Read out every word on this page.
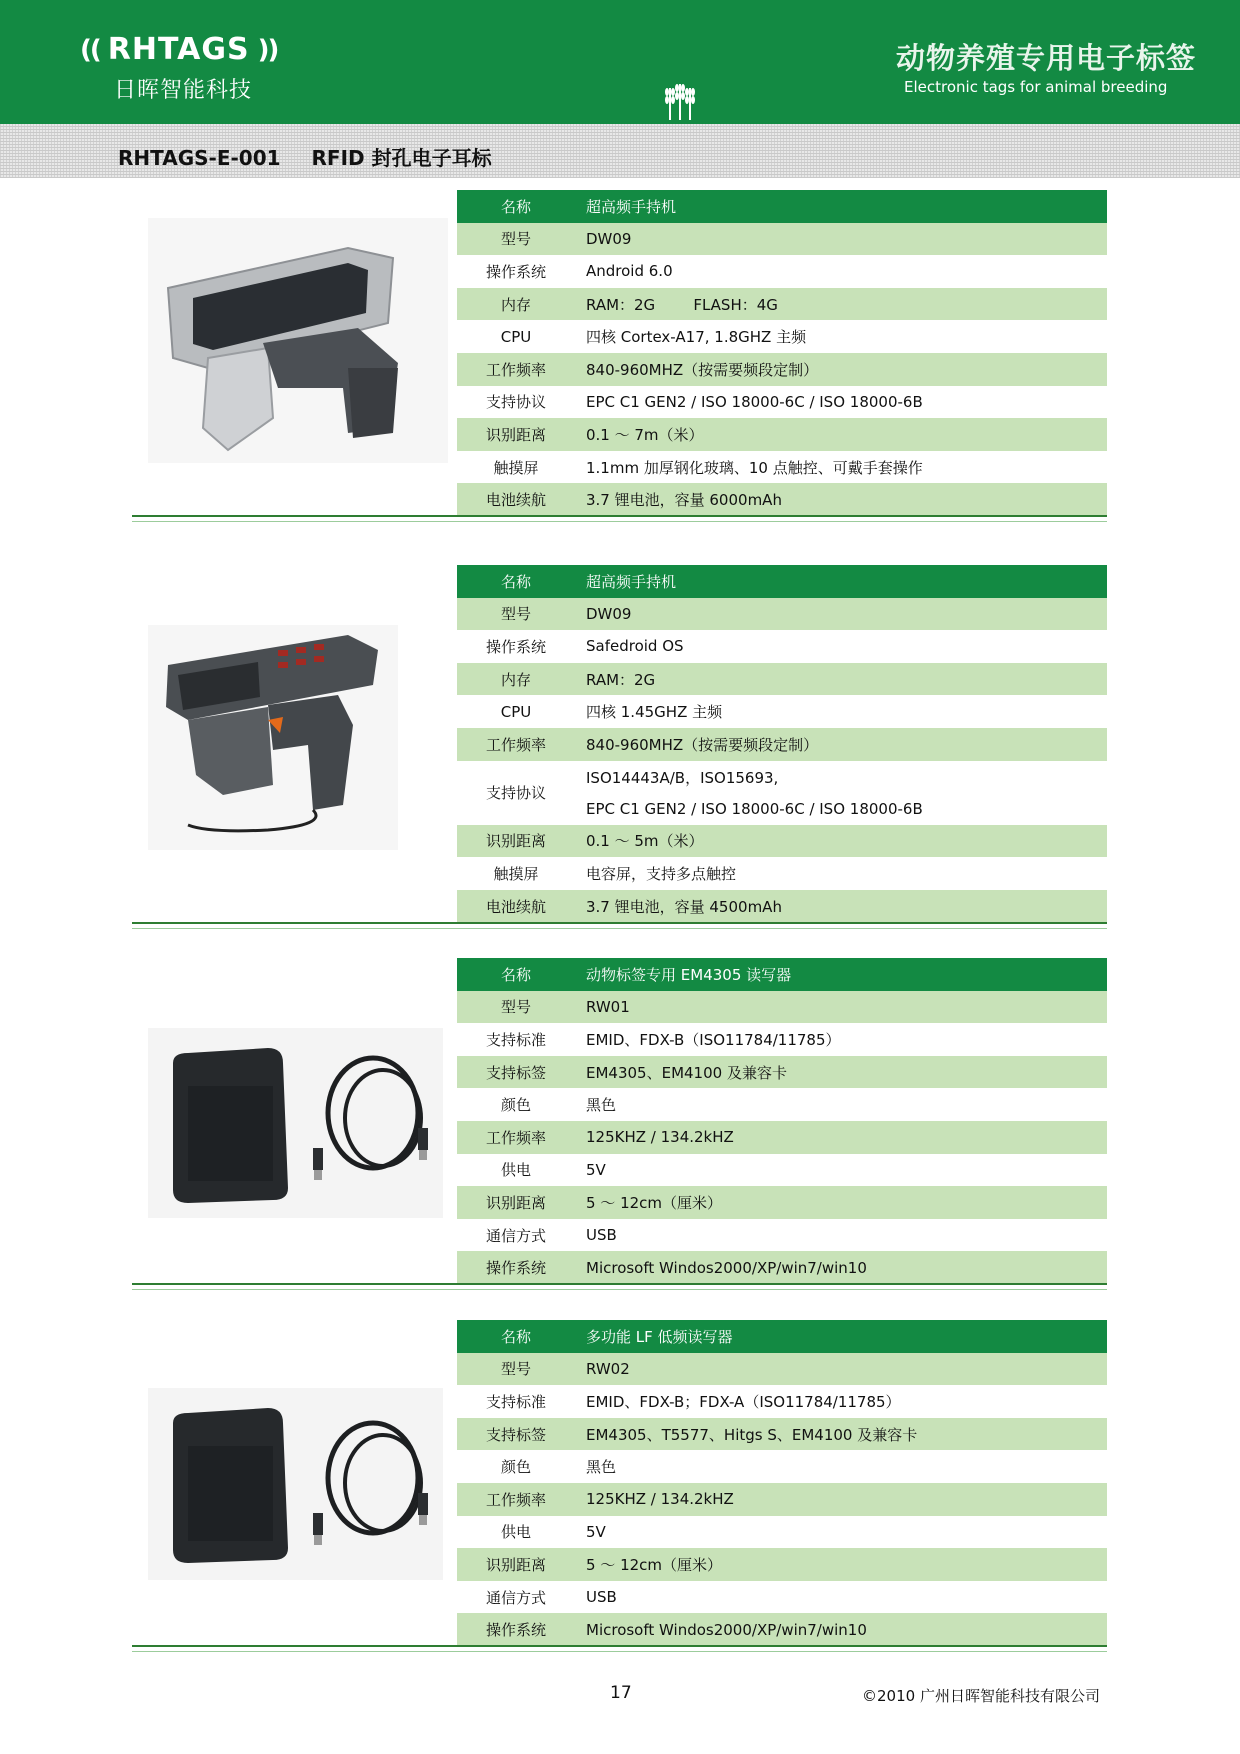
(( RHTAGS ))
日晖智能科技
动物养殖专用电子标签
Electronic tags for animal breeding
RHTAGS-E-001 RFID 封孔电子耳标
名称	超高频手持机
型号	DW09
操作系统	Android 6.0
内存	RAM：2G        FLASH：4G
CPU	四核 Cortex-A17, 1.8GHZ 主频
工作频率	840-960MHZ（按需要频段定制）
支持协议	EPC C1 GEN2 / ISO 18000-6C / ISO 18000-6B
识别距离	0.1 ～ 7m（米）
触摸屏	1.1mm 加厚钢化玻璃、10 点触控、可戴手套操作
电池续航	3.7 锂电池，容量 6000mAh
名称	超高频手持机
型号	DW09
操作系统	Safedroid OS
内存	RAM：2G
CPU	四核 1.45GHZ 主频
工作频率	840-960MHZ（按需要频段定制）
支持协议	ISO14443A/B，ISO15693,
EPC C1 GEN2 / ISO 18000-6C / ISO 18000-6B

识别距离	0.1 ～ 5m（米）
触摸屏	电容屏，支持多点触控
电池续航	3.7 锂电池，容量 4500mAh
名称	动物标签专用 EM4305 读写器
型号	RW01
支持标准	EMID、FDX-B（ISO11784/11785）
支持标签	EM4305、EM4100 及兼容卡
颜色	黑色
工作频率	125KHZ / 134.2kHZ
供电	5V
识别距离	5 ～ 12cm（厘米）
通信方式	USB
操作系统	Microsoft Windos2000/XP/win7/win10
名称	多功能 LF 低频读写器
型号	RW02
支持标准	EMID、FDX-B；FDX-A（ISO11784/11785）
支持标签	EM4305、T5577、Hitgs S、EM4100 及兼容卡
颜色	黑色
工作频率	125KHZ / 134.2kHZ
供电	5V
识别距离	5 ～ 12cm（厘米）
通信方式	USB
操作系统	Microsoft Windos2000/XP/win7/win10
17	©2010 广州日晖智能科技有限公司
